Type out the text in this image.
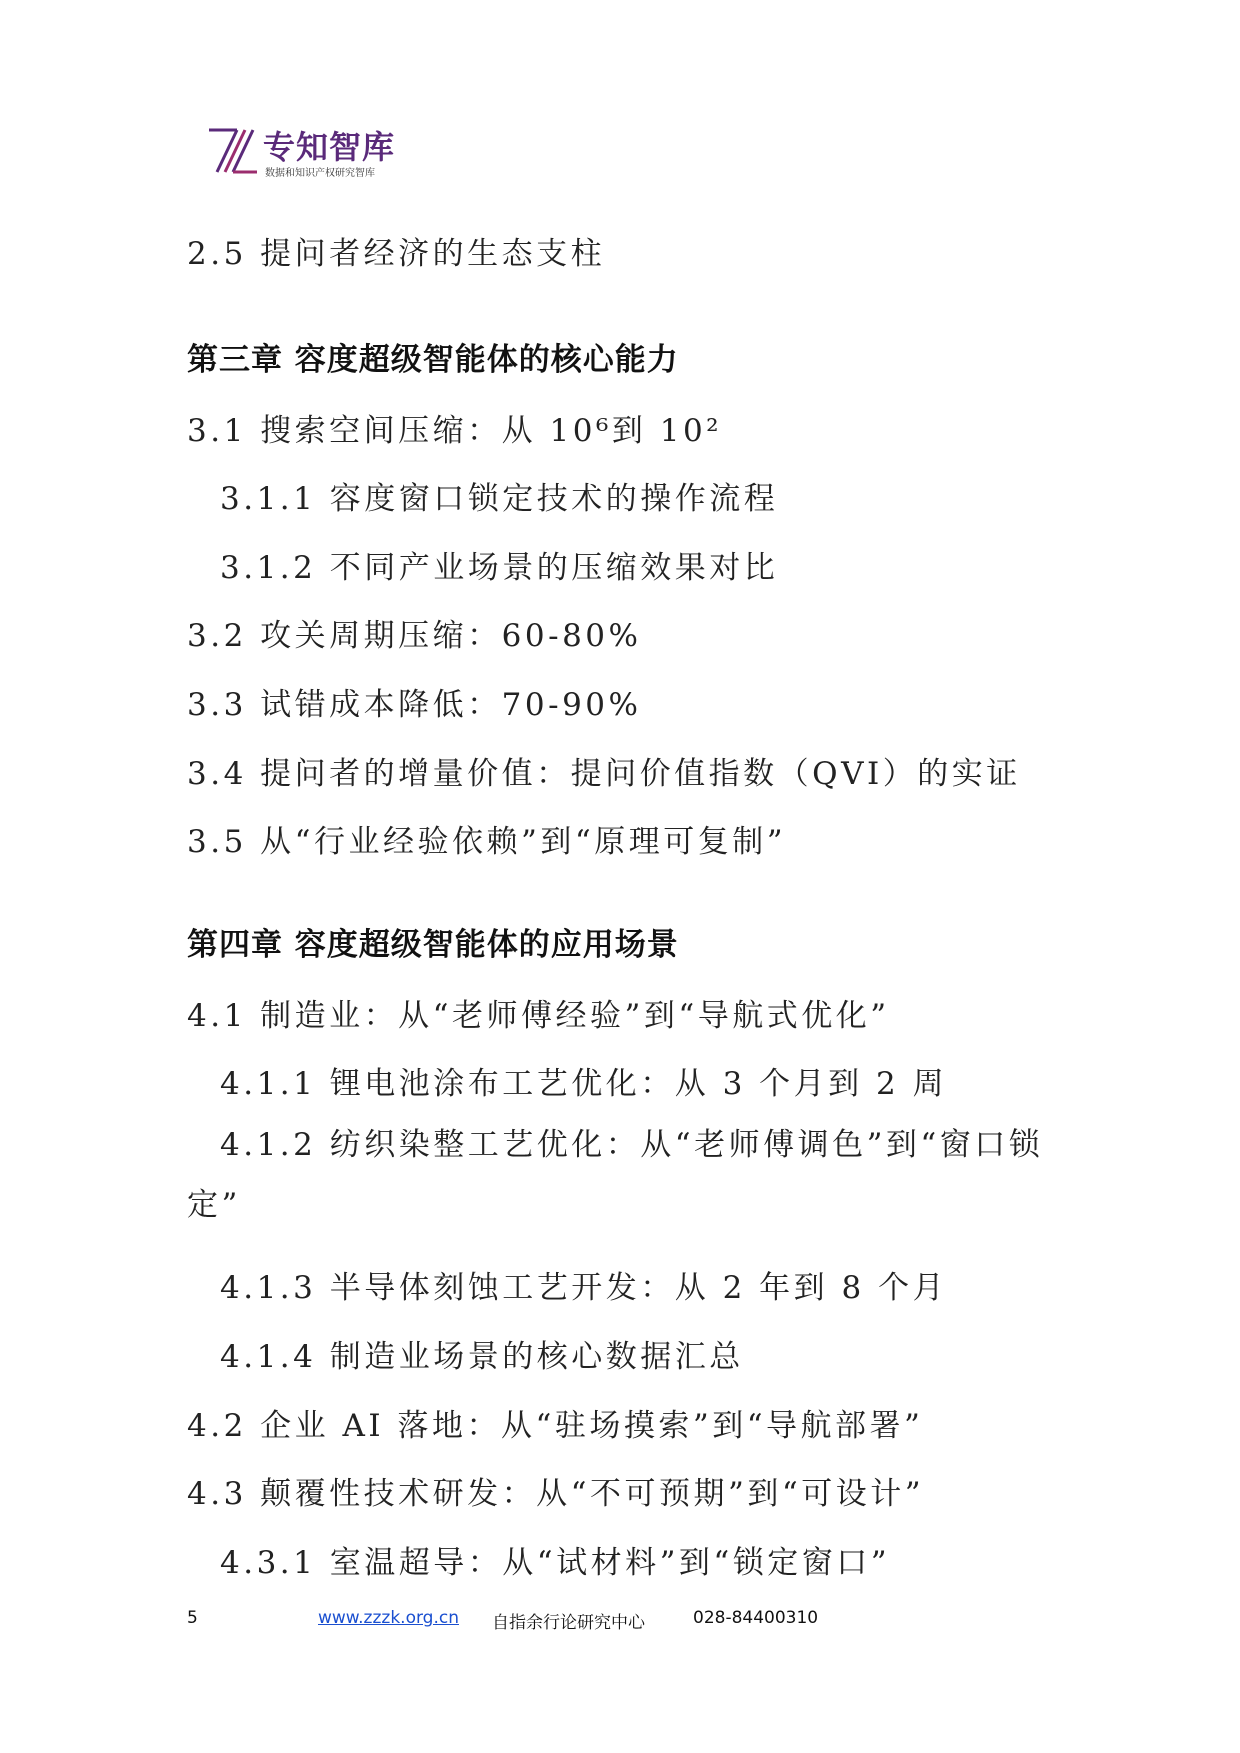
专知智库
数据和知识产权研究智库
2.5 提问者经济的生态支柱
第三章 容度超级智能体的核心能力
3.1 搜索空间压缩：从 10⁶到 10²
3.1.1 容度窗口锁定技术的操作流程
3.1.2 不同产业场景的压缩效果对比
3.2 攻关周期压缩：60-80%
3.3 试错成本降低：70-90%
3.4 提问者的增量价值：提问价值指数（QVI）的实证
3.5 从“行业经验依赖”到“原理可复制”
第四章 容度超级智能体的应用场景
4.1 制造业：从“老师傅经验”到“导航式优化”
4.1.1 锂电池涂布工艺优化：从 3 个月到 2 周
4.1.2 纺织染整工艺优化：从“老师傅调色”到“窗口锁定”
4.1.3 半导体刻蚀工艺开发：从 2 年到 8 个月
4.1.4 制造业场景的核心数据汇总
4.2 企业 AI 落地：从“驻场摸索”到“导航部署”
4.3 颠覆性技术研发：从“不可预期”到“可设计”
4.3.1 室温超导：从“试材料”到“锁定窗口”
5	www.zzzk.org.cn 自指余行论研究中心	028-84400310
